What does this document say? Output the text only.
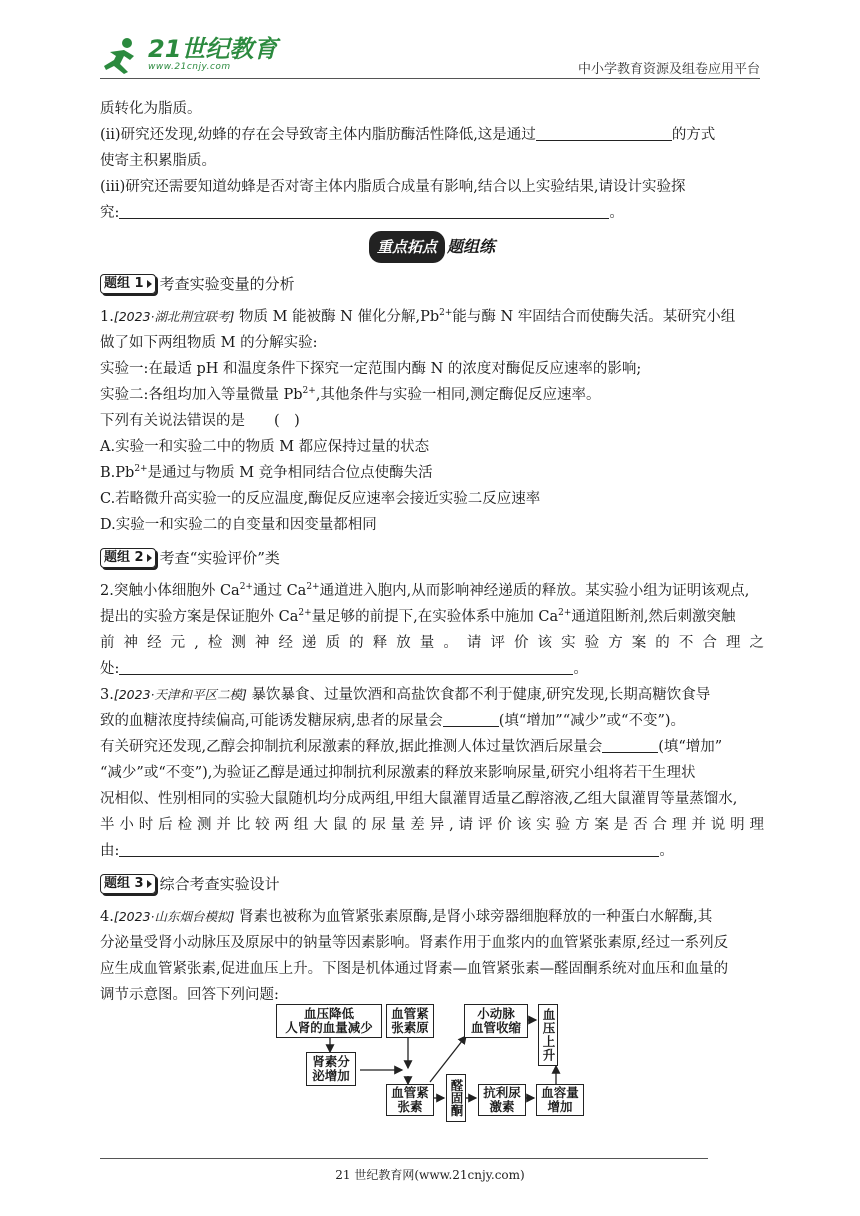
21世纪教育
www.21cnjy.com	中小学教育资源及组卷应用平台

质转化为脂质。

(ⅱ)研究还发现,幼蜂的存在会导致寄主体内脂肪酶活性降低,这是通过	的方式

使寄主积累脂质。

(ⅲ)研究还需要知道幼蜂是否对寄主体内脂质合成量有影响,结合以上实验结果,请设计实验探

究:	。

重点拓点 题组练
题组 1 考查实验变量的分析

1.[2023·湖北荆宜联考] 物质 M 能被酶 N 催化分解$,Pb^{2+}$能与酶 N 牢固结合而使酶失活。某研究小组

做了如下两组物质 M 的分解实验:

实验一:在最适 pH 和温度条件下探究一定范围内酶 N 的浓度对酶促反应速率的影响;

实验二:各组均加入等量微量 $Pb^{2+}$,其他条件与实验一相同,测定酶促反应速率。

下列有关说法错误的是　　(　)

A.实验一和实验二中的物质 M 都应保持过量的状态

$B.Pb^{2+}$是通过与物质 M 竞争相同结合位点使酶失活

C.若略微升高实验一的反应温度,酶促反应速率会接近实验二反应速率

D.实验一和实验二的自变量和因变量都相同

题组 2 考查“实验评价”类

2.突触小体细胞外 $Ca^{2+}$通过 $Ca^{2+}$通道进入胞内,从而影响神经递质的释放。某实验小组为证明该观点,

提出的实验方案是保证胞外 $Ca^{2+}$量足够的前提下,在实验体系中施加 $Ca^{2+}$通道阻断剂,然后刺激突触

前神经元,检测神经递质的释放量。请评价该实验方案的不合理之

处:	。

3.[2023·天津和平区二模] 暴饮暴食、过量饮酒和高盐饮食都不利于健康,研究发现,长期高糖饮食导

致的血糖浓度持续偏高,可能诱发糖尿病,患者的尿量会	(填“增加”“减少”或“不变”)。

有关研究还发现,乙醇会抑制抗利尿激素的释放,据此推测人体过量饮酒后尿量会	(填“增加”

“减少”或“不变”),为验证乙醇是通过抑制抗利尿激素的释放来影响尿量,研究小组将若干生理状

况相似、性别相同的实验大鼠随机均分成两组,甲组大鼠灌胃适量乙醇溶液,乙组大鼠灌胃等量蒸馏水,

半小时后检测并比较两组大鼠的尿量差异,请评价该实验方案是否合理并说明理

由:	。

题组 3 综合考查实验设计

4.[2023·山东烟台模拟] 肾素也被称为血管紧张素原酶,是肾小球旁器细胞释放的一种蛋白水解酶,其

分泌量受肾小动脉压及原尿中的钠量等因素影响。肾素作用于血浆内的血管紧张素原,经过一系列反

应生成血管紧张素,促进血压上升。下图是机体通过肾素—血管紧张素—醛固酮系统对血压和血量的

调节示意图。回答下列问题:

血压降低
人肾的血量减少
血管紧
张素原
小动脉
血管收缩 血压上升
肾素分
泌增加
血管紧
张素 醛固酮 抗利尿
激素
血容量
增加
21 世纪教育网(www.21cnjy.com)
